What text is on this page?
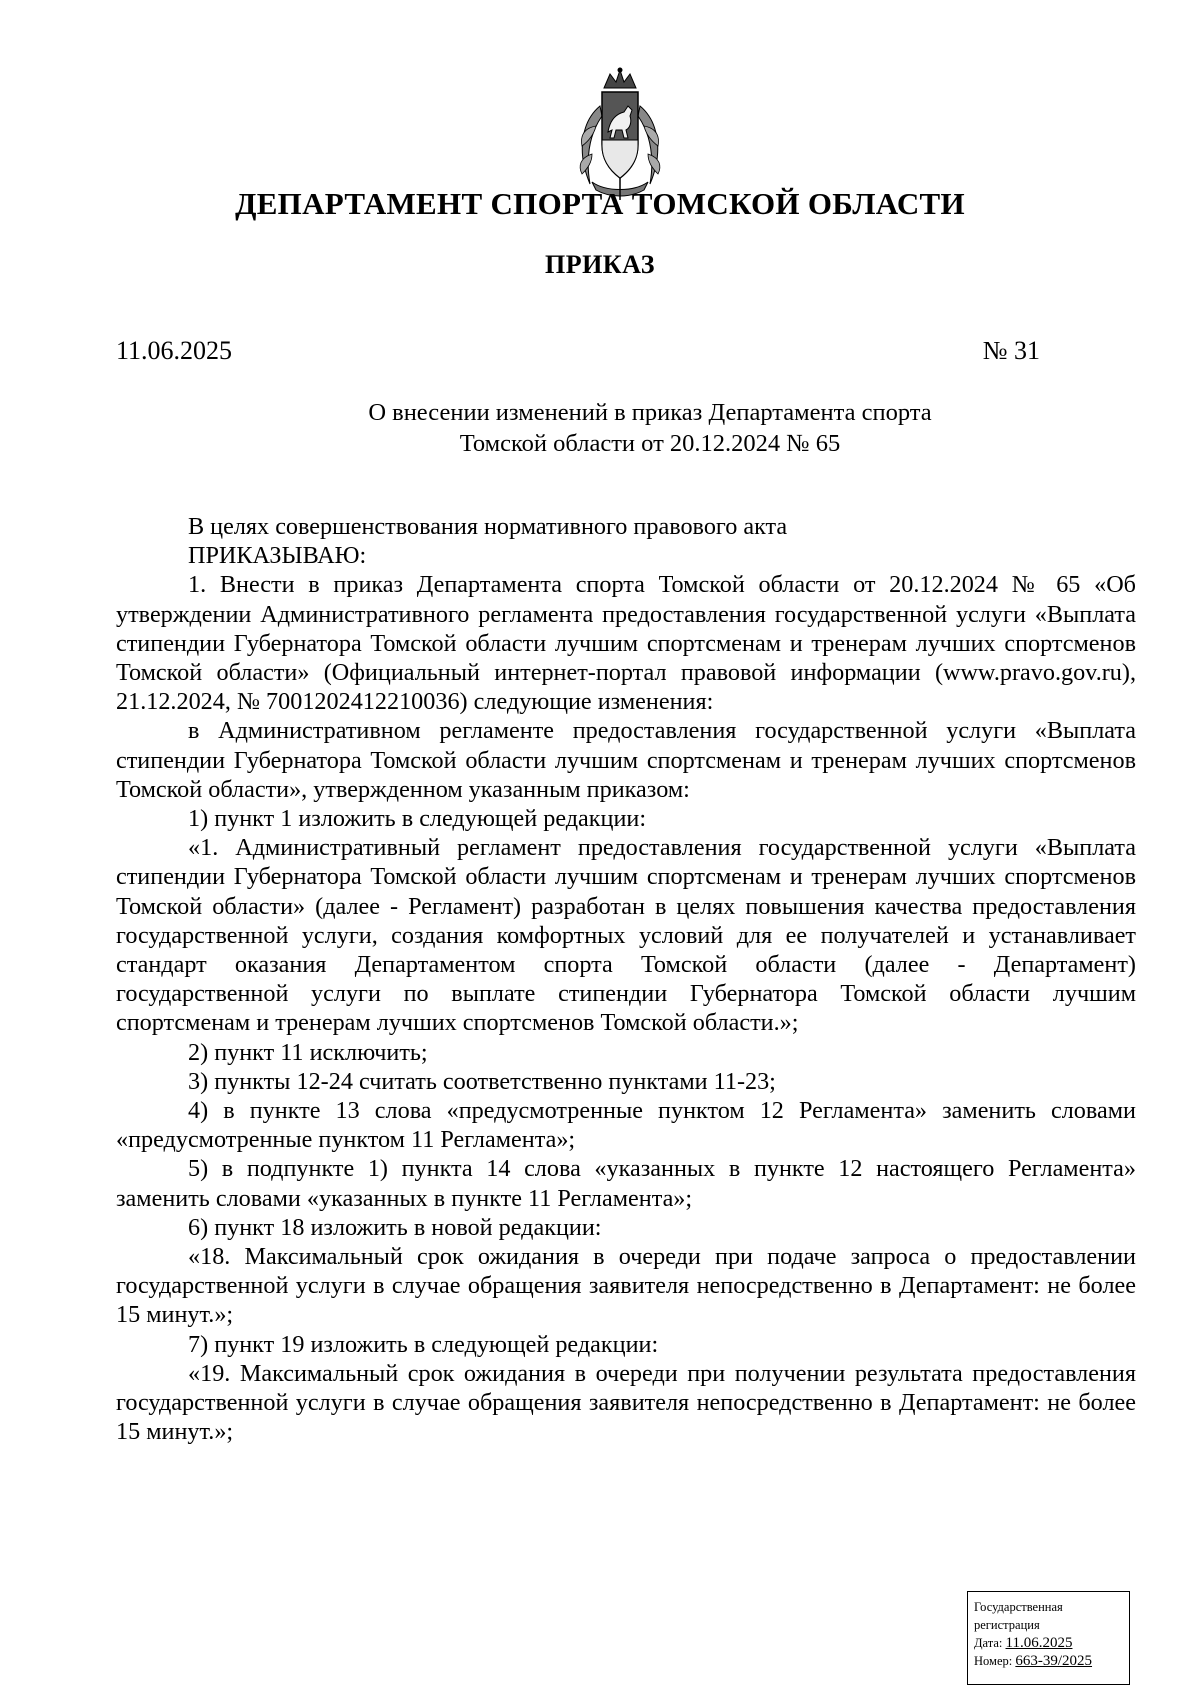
ДЕПАРТАМЕНТ СПОРТА ТОМСКОЙ ОБЛАСТИ
ПРИКАЗ
11.06.2025	№ 31
О внесении изменений в приказ Департамента спорта
Томской области от 20.12.2024 № 65

В целях совершенствования нормативного правового акта

ПРИКАЗЫВАЮ:

1. Внести в приказ Департамента спорта Томской области от 20.12.2024 № 65 «Об утверждении Административного регламента предоставления государственной услуги «Выплата стипендии Губернатора Томской области лучшим спортсменам и тренерам лучших спортсменов Томской области» (Официальный интернет-портал правовой информации (www.pravo.gov.ru), 21.12.2024, № 7001202412210036) следующие изменения:

в Административном регламенте предоставления государственной услуги «Выплата стипендии Губернатора Томской области лучшим спортсменам и тренерам лучших спортсменов Томской области», утвержденном указанным приказом:

1) пункт 1 изложить в следующей редакции:

«1. Административный регламент предоставления государственной услуги «Выплата стипендии Губернатора Томской области лучшим спортсменам и тренерам лучших спортсменов Томской области» (далее - Регламент) разработан в целях повышения качества предоставления государственной услуги, создания комфортных условий для ее получателей и устанавливает стандарт оказания Департаментом спорта Томской области (далее - Департамент) государственной услуги по выплате стипендии Губернатора Томской области лучшим спортсменам и тренерам лучших спортсменов Томской области.»;

2) пункт 11 исключить;

3) пункты 12-24 считать соответственно пунктами 11-23;

4) в пункте 13 слова «предусмотренные пунктом 12 Регламента» заменить словами «предусмотренные пунктом 11 Регламента»;

5) в подпункте 1) пункта 14 слова «указанных в пункте 12 настоящего Регламента» заменить словами «указанных в пункте 11 Регламента»;

6) пункт 18 изложить в новой редакции:

«18. Максимальный срок ожидания в очереди при подаче запроса о предоставлении государственной услуги в случае обращения заявителя непосредственно в Департамент: не более 15 минут.»;

7) пункт 19 изложить в следующей редакции:

«19. Максимальный срок ожидания в очереди при получении результата предоставления государственной услуги в случае обращения заявителя непосредственно в Департамент: не более 15 минут.»;

Государственная регистрация
Дата: 11.06.2025
Номер: 663-39/2025
